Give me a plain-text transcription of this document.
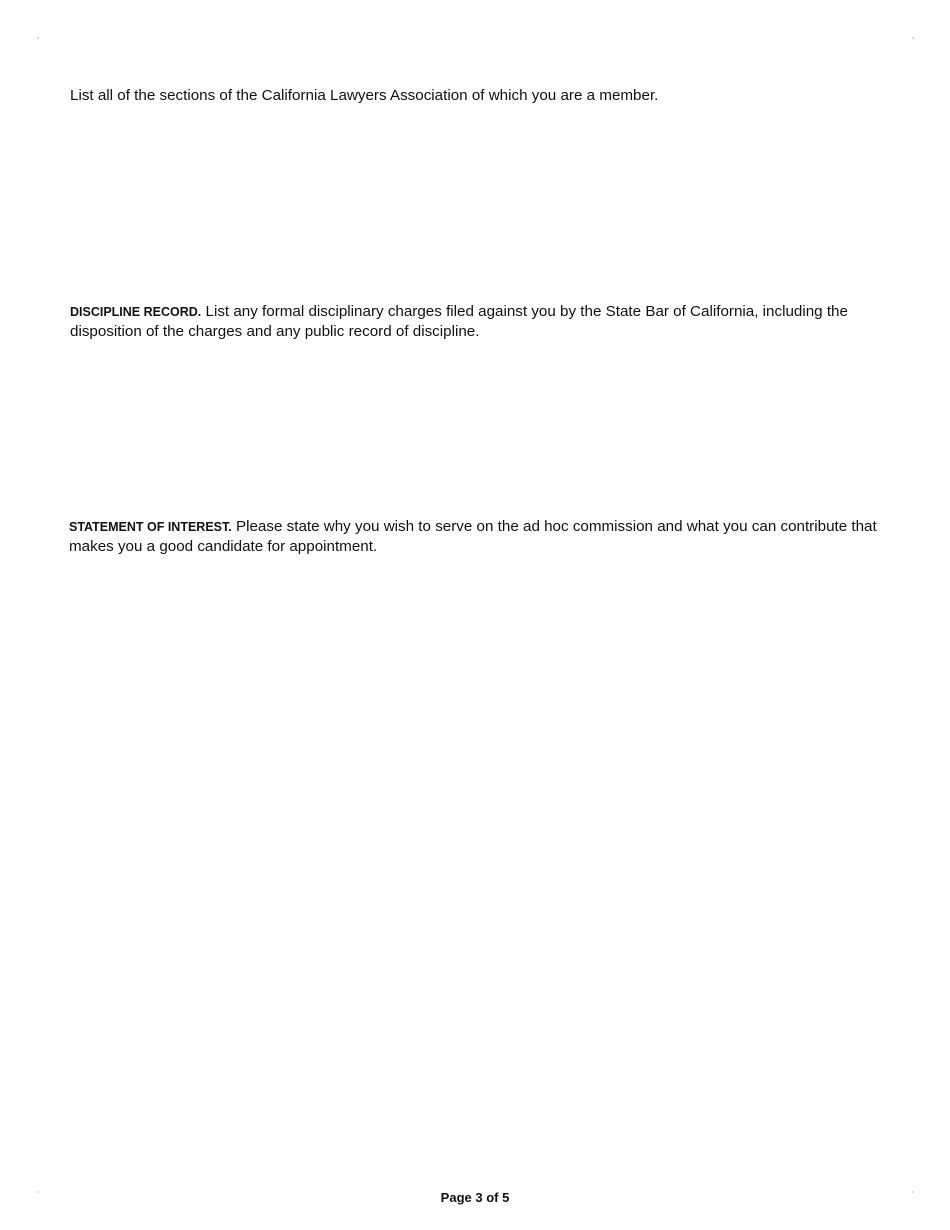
List all of the sections of the California Lawyers Association of which you are a member.

DISCIPLINE RECORD. List any formal disciplinary charges filed against you by the State Bar of California, including the disposition of the charges and any public record of discipline.

STATEMENT OF INTEREST. Please state why you wish to serve on the ad hoc commission and what you can contribute that makes you a good candidate for appointment.

Page 3 of 5
